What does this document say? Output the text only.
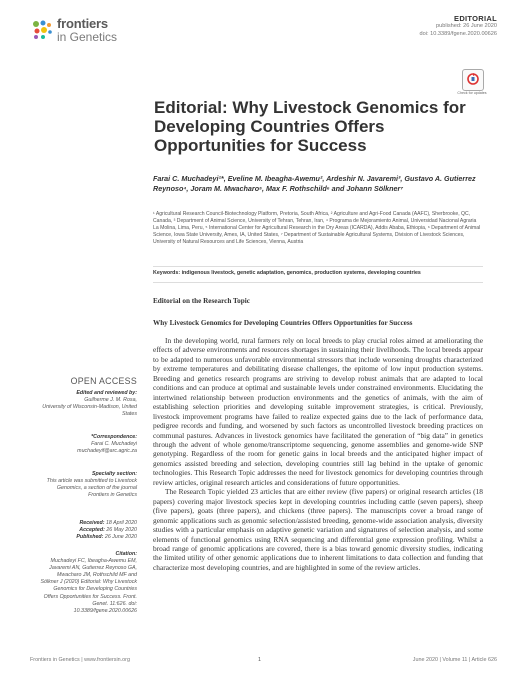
frontiers
in Genetics
EDITORIAL
published: 26 June 2020
doi: 10.3389/fgene.2020.00626
Check for updates
Editorial: Why Livestock Genomics for Developing Countries Offers Opportunities for Success
Farai C. Muchadeyi¹*, Eveline M. Ibeagha-Awemu², Ardeshir N. Javaremi³, Gustavo A. Gutierrez Reynoso⁴, Joram M. Mwacharo⁵, Max F. Rothschild⁶ and Johann Sölkner⁷
¹ Agricultural Research Council-Biotechnology Platform, Pretoria, South Africa, ² Agriculture and Agri-Food Canada (AAFC), Sherbrooke, QC, Canada, ³ Department of Animal Science, University of Tehran, Tehran, Iran, ⁴ Programa de Mejoramiento Animal, Universidad Nacional Agraria La Molina, Lima, Peru, ⁵ International Center for Agricultural Research in the Dry Areas (ICARDA), Addis Ababa, Ethiopia, ⁶ Department of Animal Science, Iowa State University, Ames, IA, United States, ⁷ Department of Sustainable Agricultural Systems, Division of Livestock Sciences, University of Natural Resources and Life Sciences, Vienna, Austria
Keywords: indigenous livestock, genetic adaptation, genomics, production systems, developing countries
Editorial on the Research Topic
Why Livestock Genomics for Developing Countries Offers Opportunities for Success

In the developing world, rural farmers rely on local breeds to play crucial roles aimed at ameliorating the effects of adverse environments and resources shortages in sustaining their livelihoods. The local breeds appear to be adapted to numerous unfavorable environmental stressors that include worsening droughts characterized by extreme temperatures and debilitating disease challenges, the epitome of low input production systems. Breeding and genetics research programs are striving to develop robust animals that are adapted to local conditions and can produce at optimal and sustainable levels under constrained environments. Elucidating the intertwined relationship between production environments and the genetics of animals, with the aim of establishing selection priorities and developing suitable improvement strategies, is critical. Previously, livestock improvement programs have failed to realize expected gains due to the lack of performance data, pedigree records and funding, and worsened by such factors as uncontrolled livestock breeding practices on communal pastures. Advances in livestock genomics have facilitated the generation of “big data” in genetics through the advent of whole genome/transcriptome sequencing, genome assemblies and genome-wide SNP genotyping. Regardless of the room for genetic gains in local breeds and the anticipated higher impact of genomics assisted breeding and selection, developing countries still lag behind in the uptake of genomic technologies. This Research Topic addresses the need for livestock genomics for developing countries through review articles, original research articles and considerations of future opportunities.

The Research Topic yielded 23 articles that are either review (five papers) or original research articles (18 papers) covering major livestock species kept in developing countries including cattle (seven papers), sheep (five papers), goats (three papers), and chickens (three papers). The manuscripts cover a broad range of genomic applications such as genomic selection/assisted breeding, genome-wide association analysis, diversity studies with a particular emphasis on adaptive genetic variation and signatures of selection analysis, and some elements of functional genomics using RNA sequencing and differential gene expression profiling. Whilst a broad range of genomic applications are covered, there is a bias toward genomic diversity studies, indicating the limited utility of other genomic applications due to inherent limitations to data collection and funding that characterize most developing countries, and are highlighted in some of the review articles.

OPEN ACCESS
Edited and reviewed by:
Guilherme J. M. Rosa,
University of Wisconsin-Madison, United States
*Correspondence:
Farai C. Muchadeyi
muchadeyif@arc.agric.za
Specialty section:
This article was submitted to Livestock Genomics, a section of the journal Frontiers in Genetics
Received: 18 April 2020
Accepted: 26 May 2020
Published: 26 June 2020
Citation:
Muchadeyi FC, Ibeagha-Awemu EM, Javaremi AN, Gutierrez Reynoso GA, Mwacharo JM, Rothschild MF and Sölkner J (2020) Editorial: Why Livestock Genomics for Developing Countries Offers Opportunities for Success. Front. Genet. 11:626. doi: 10.3389/fgene.2020.00626
Frontiers in Genetics | www.frontiersin.org	1	June 2020 | Volume 11 | Article 626
